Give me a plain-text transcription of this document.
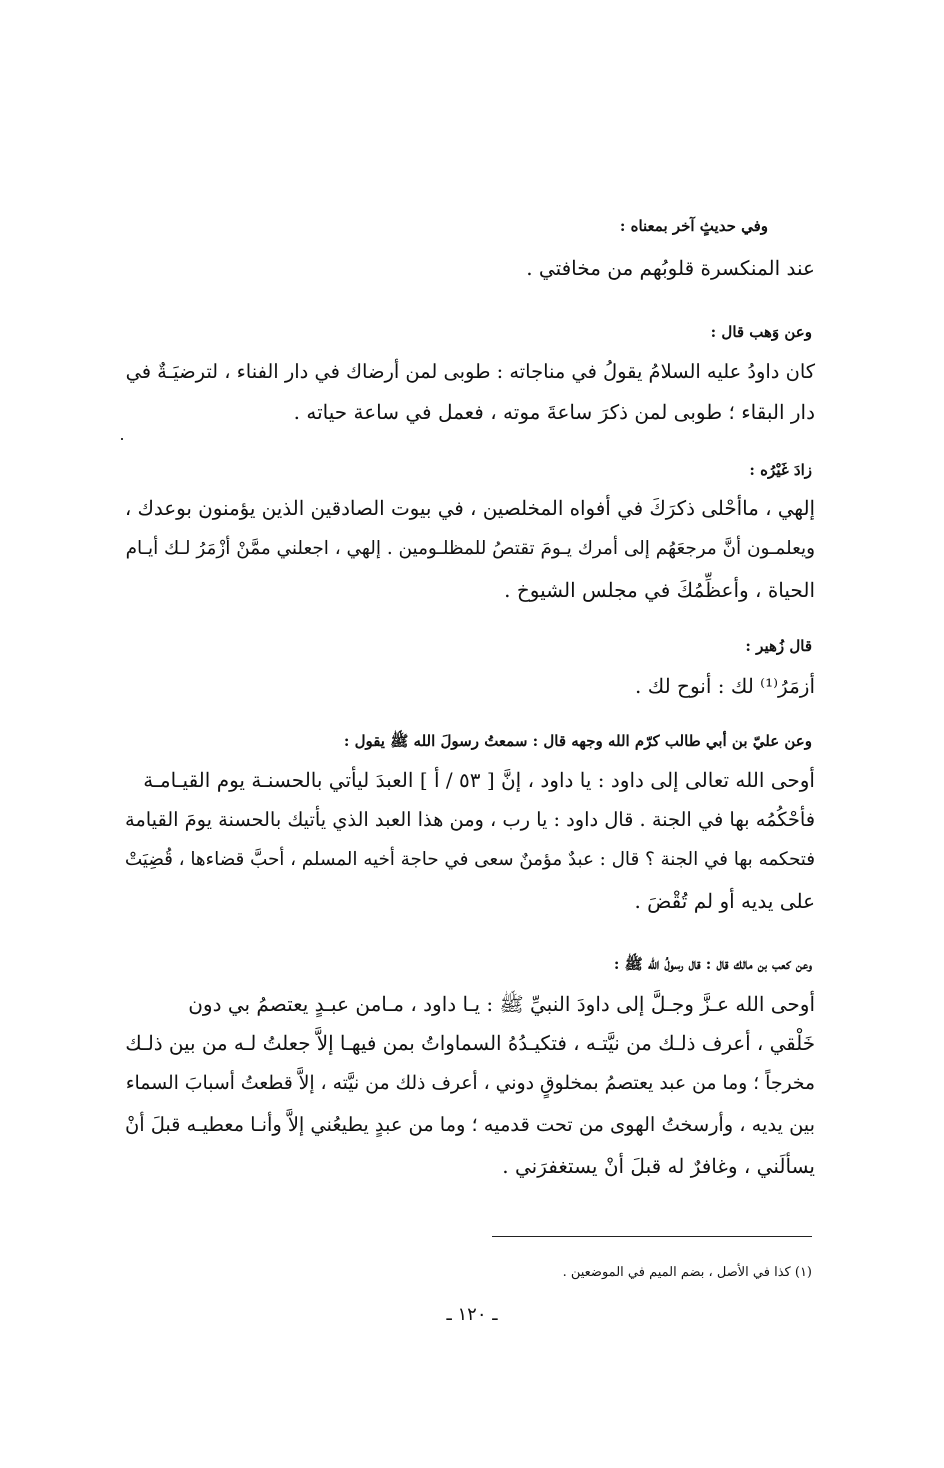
وفي حديثٍ آخر بمعناه :
عند المنكسرة قلوبُهم من مخافتي .
وعن وَهب قال :
كان داودُ عليه السلامُ يقولُ في مناجاته : طوبى لمن أرضاك في دار الفناء ، لترضيَـةٌ في
دار البقاء ؛ طوبى لمن ذكرَ ساعةَ موته ، فعمل في ساعة حياته .
زادَ غَيْرُه :
إلهي ، ماأحْلى ذكرَكَ في أفواه المخلصين ، في بيوت الصادقين الذين يؤمنون بوعدك ،
ويعلمـون أنَّ مرجعَهُم إلى أمرك يـومَ تقتصُ للمظلـومين . إلهي ، اجعلني ممَّنْ أزْمَرُ لـك أيـام
الحياة ، وأعظِّمُكَ في مجلس الشيوخ .
قال زُهير :
أزمَرُ⁽¹⁾ لك : أنوح لك .
وعن عليّ بن أبي طالب كرّم الله وجهه قال : سمعتُ رسولَ الله ﷺ يقول :
أوحى الله تعالى إلى داود : يا داود ، إنَّ [ ٥٣ / أ ] العبدَ ليأتي بالحسنـة يوم القيـامـة
فأحْكُمُه بها في الجنة . قال داود : يا رب ، ومن هذا العبد الذي يأتيك بالحسنة يومَ القيامة
فتحكمه بها في الجنة ؟ قال : عبدٌ مؤمنٌ سعى في حاجة أخيه المسلم ، أحبَّ قضاءها ، قُضِيَتْ
على يديه أو لم تُقْضَ .
وعن كعب بن مالك قال : قال رسولُ الله ﷺ :
أوحى الله عـزَّ وجـلَّ إلى داودَ النبيِّ ﷺ : يـا داود ، مـامن عبـدٍ يعتصمُ بي دون
خَلْقي ، أعرف ذلـك من نيَّتـه ، فتكيـدُهُ السماواتُ بمن فيهـا إلاَّ جعلتُ لـه من بين ذلـك
مخرجاً ؛ وما من عبد يعتصمُ بمخلوقٍ دوني ، أعرف ذلك من نيَّته ، إلاَّ قطعتُ أسبابَ السماء
بين يديه ، وأرسختُ الهوى من تحت قدميه ؛ وما من عبدٍ يطيعُني إلاَّ وأنـا معطيـه قبلَ أنْ
يسألَني ، وغافرٌ له قبلَ أنْ يستغفرَني .
(١) كذا في الأصل ، بضم الميم في الموضعين .
ـ ١٢٠ ـ
